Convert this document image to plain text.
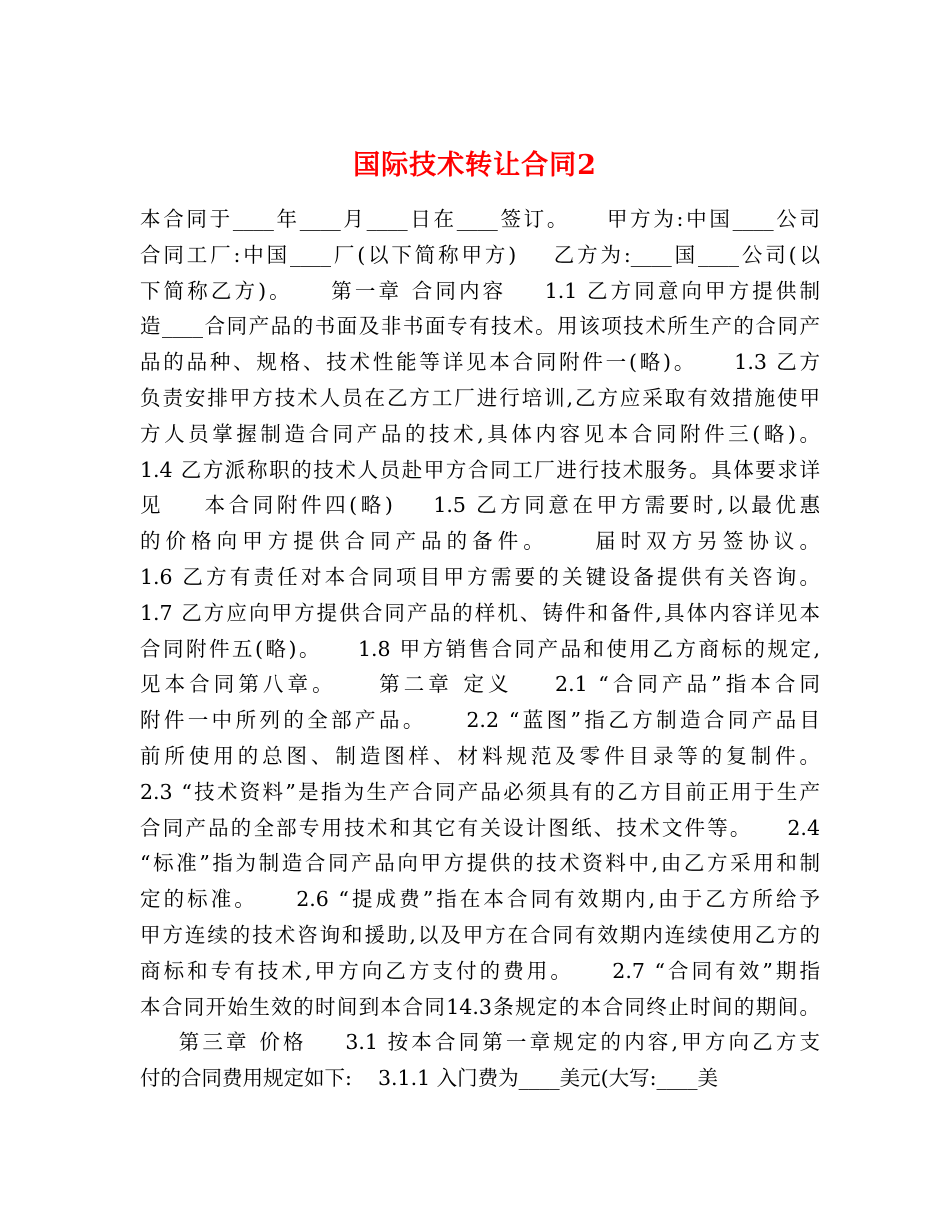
国际技术转让合同2
本合同于____年____月____日在____签订。    甲方为:中国____公司
合同工厂:中国____厂(以下简称甲方)    乙方为:____国____公司(以
下简称乙方)。    第一章 合同内容    1.1 乙方同意向甲方提供制
造____合同产品的书面及非书面专有技术。用该项技术所生产的合同产
品的品种、规格、技术性能等详见本合同附件一(略)。    1.3 乙方
负责安排甲方技术人员在乙方工厂进行培训,乙方应采取有效措施使甲
方人员掌握制造合同产品的技术,具体内容见本合同附件三(略)。
1.4 乙方派称职的技术人员赴甲方合同工厂进行技术服务。具体要求详
见    本合同附件四(略)    1.5 乙方同意在甲方需要时,以最优惠
的价格向甲方提供合同产品的备件。    届时双方另签协议。
1.6 乙方有责任对本合同项目甲方需要的关键设备提供有关咨询。
1.7 乙方应向甲方提供合同产品的样机、铸件和备件,具体内容详见本
合同附件五(略)。    1.8 甲方销售合同产品和使用乙方商标的规定,
见本合同第八章。    第二章 定义    2.1 “合同产品”指本合同
附件一中所列的全部产品。    2.2 “蓝图”指乙方制造合同产品目
前所使用的总图、制造图样、材料规范及零件目录等的复制件。
2.3 “技术资料”是指为生产合同产品必须具有的乙方目前正用于生产
合同产品的全部专用技术和其它有关设计图纸、技术文件等。    2.4
“标准”指为制造合同产品向甲方提供的技术资料中,由乙方采用和制
定的标准。    2.6 “提成费”指在本合同有效期内,由于乙方所给予
甲方连续的技术咨询和援助,以及甲方在合同有效期内连续使用乙方的
商标和专有技术,甲方向乙方支付的费用。    2.7 “合同有效”期指
本合同开始生效的时间到本合同14.3条规定的本合同终止时间的期间。
第三章 价格    3.1 按本合同第一章规定的内容,甲方向乙方支
付的合同费用规定如下:    3.1.1 入门费为____美元(大写:____美
